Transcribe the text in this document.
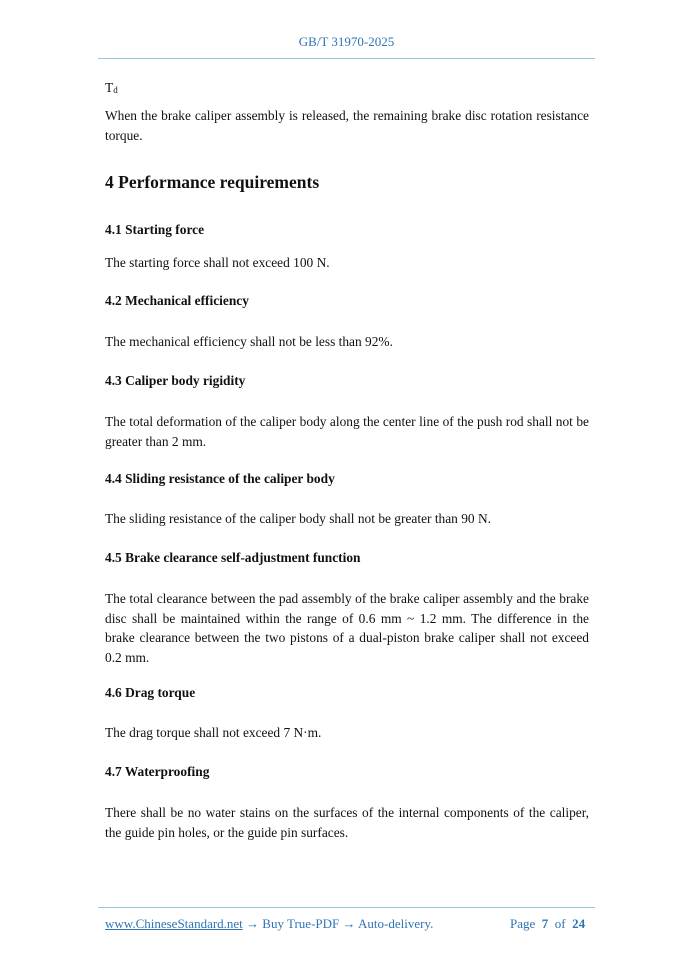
GB/T 31970-2025
$T_d$
When the brake caliper assembly is released, the remaining brake disc rotation resistance torque.
4 Performance requirements
4.1 Starting force
The starting force shall not exceed 100 N.
4.2 Mechanical efficiency
The mechanical efficiency shall not be less than 92%.
4.3 Caliper body rigidity
The total deformation of the caliper body along the center line of the push rod shall not be greater than 2 mm.
4.4 Sliding resistance of the caliper body
The sliding resistance of the caliper body shall not be greater than 90 N.
4.5 Brake clearance self-adjustment function
The total clearance between the pad assembly of the brake caliper assembly and the brake disc shall be maintained within the range of 0.6 mm ~ 1.2 mm. The difference in the brake clearance between the two pistons of a dual-piston brake caliper shall not exceed 0.2 mm.
4.6 Drag torque
The drag torque shall not exceed 7 N·m.
4.7 Waterproofing
There shall be no water stains on the surfaces of the internal components of the caliper, the guide pin holes, or the guide pin surfaces.
www.ChineseStandard.net → Buy True-PDF → Auto-delivery.	Page 7 of 24
